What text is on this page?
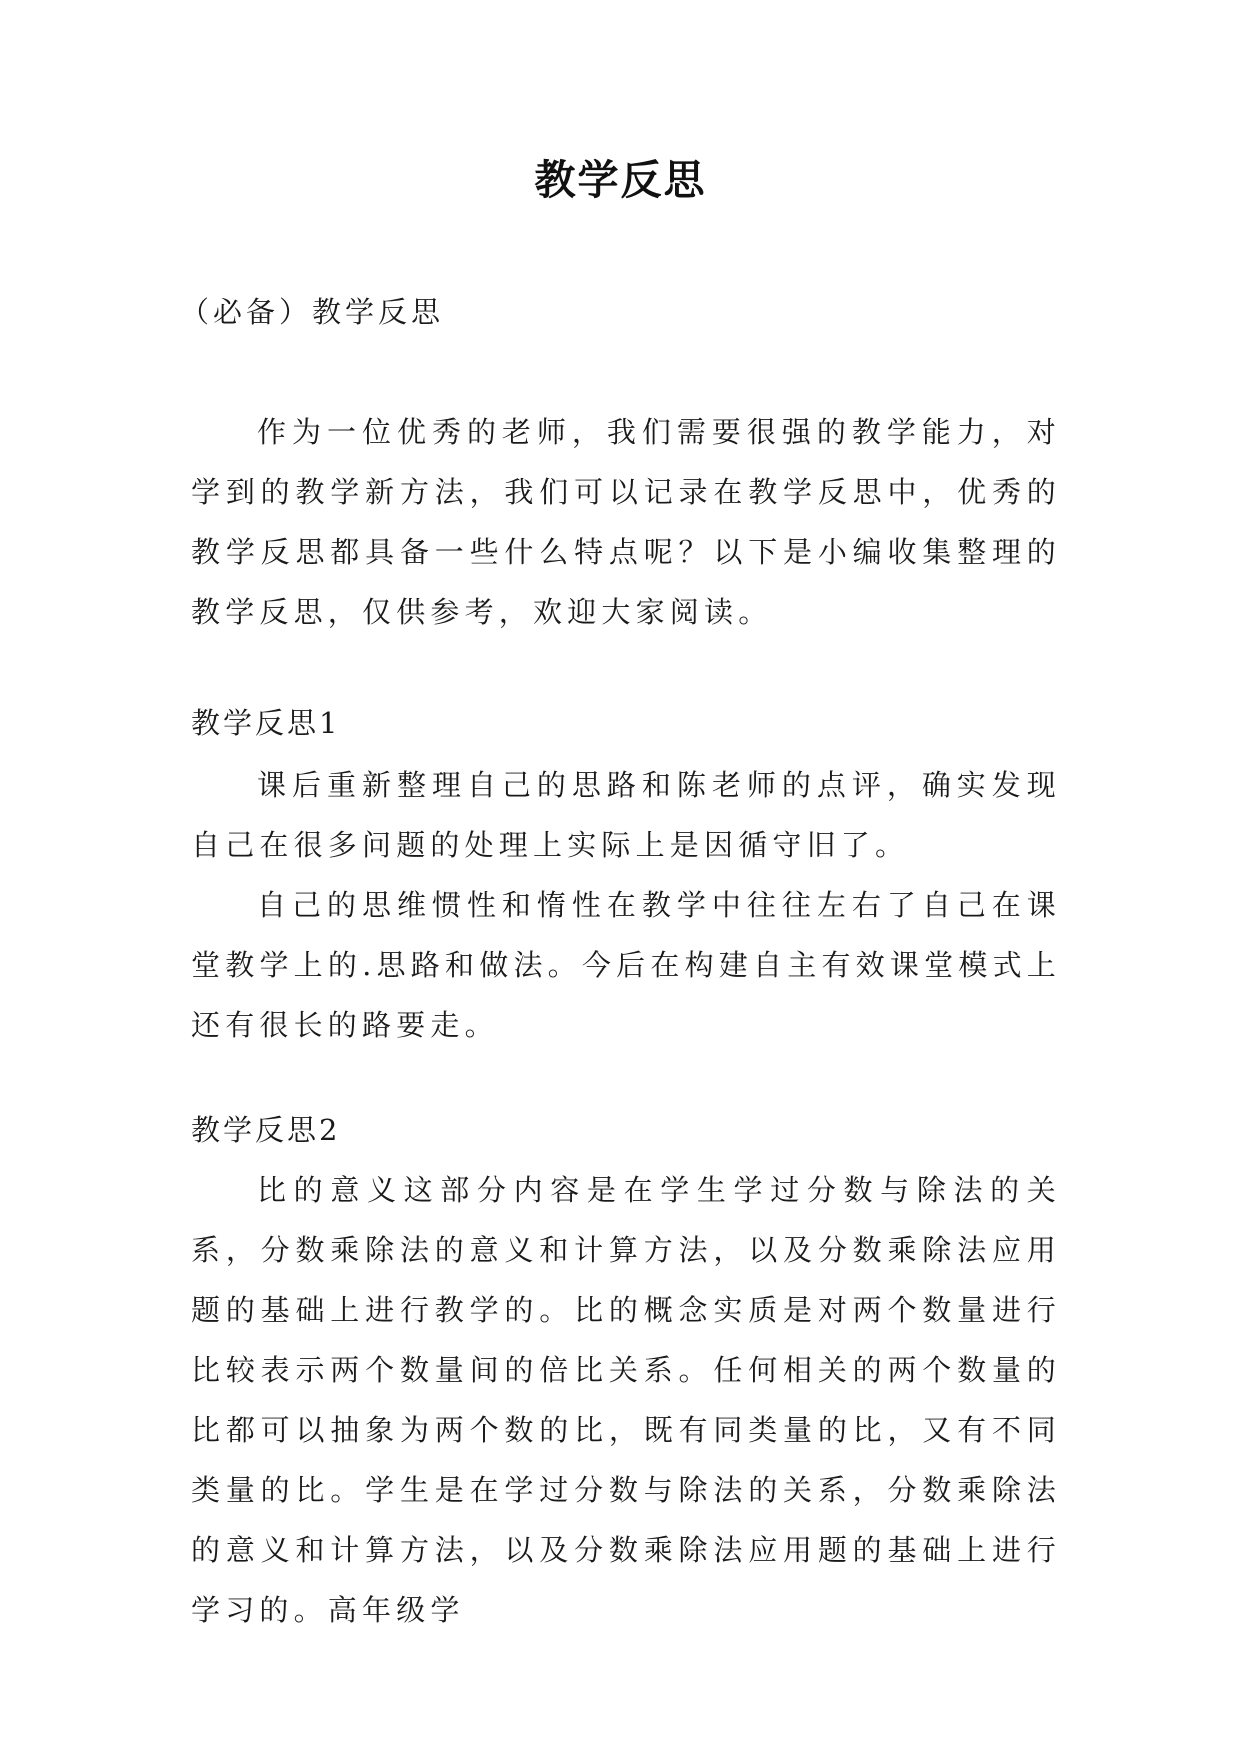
教学反思
（必备）教学反思

作为一位优秀的老师，我们需要很强的教学能力，对学到的教学新方法，我们可以记录在教学反思中，优秀的教学反思都具备一些什么特点呢？以下是小编收集整理的教学反思，仅供参考，欢迎大家阅读。

教学反思1

课后重新整理自己的思路和陈老师的点评，确实发现自己在很多问题的处理上实际上是因循守旧了。

自己的思维惯性和惰性在教学中往往左右了自己在课堂教学上的.思路和做法。今后在构建自主有效课堂模式上还有很长的路要走。

教学反思2

比的意义这部分内容是在学生学过分数与除法的关系，分数乘除法的意义和计算方法，以及分数乘除法应用题的基础上进行教学的。比的概念实质是对两个数量进行比较表示两个数量间的倍比关系。任何相关的两个数量的比都可以抽象为两个数的比，既有同类量的比，又有不同类量的比。学生是在学过分数与除法的关系，分数乘除法的意义和计算方法，以及分数乘除法应用题的基础上进行学习的。高年级学
